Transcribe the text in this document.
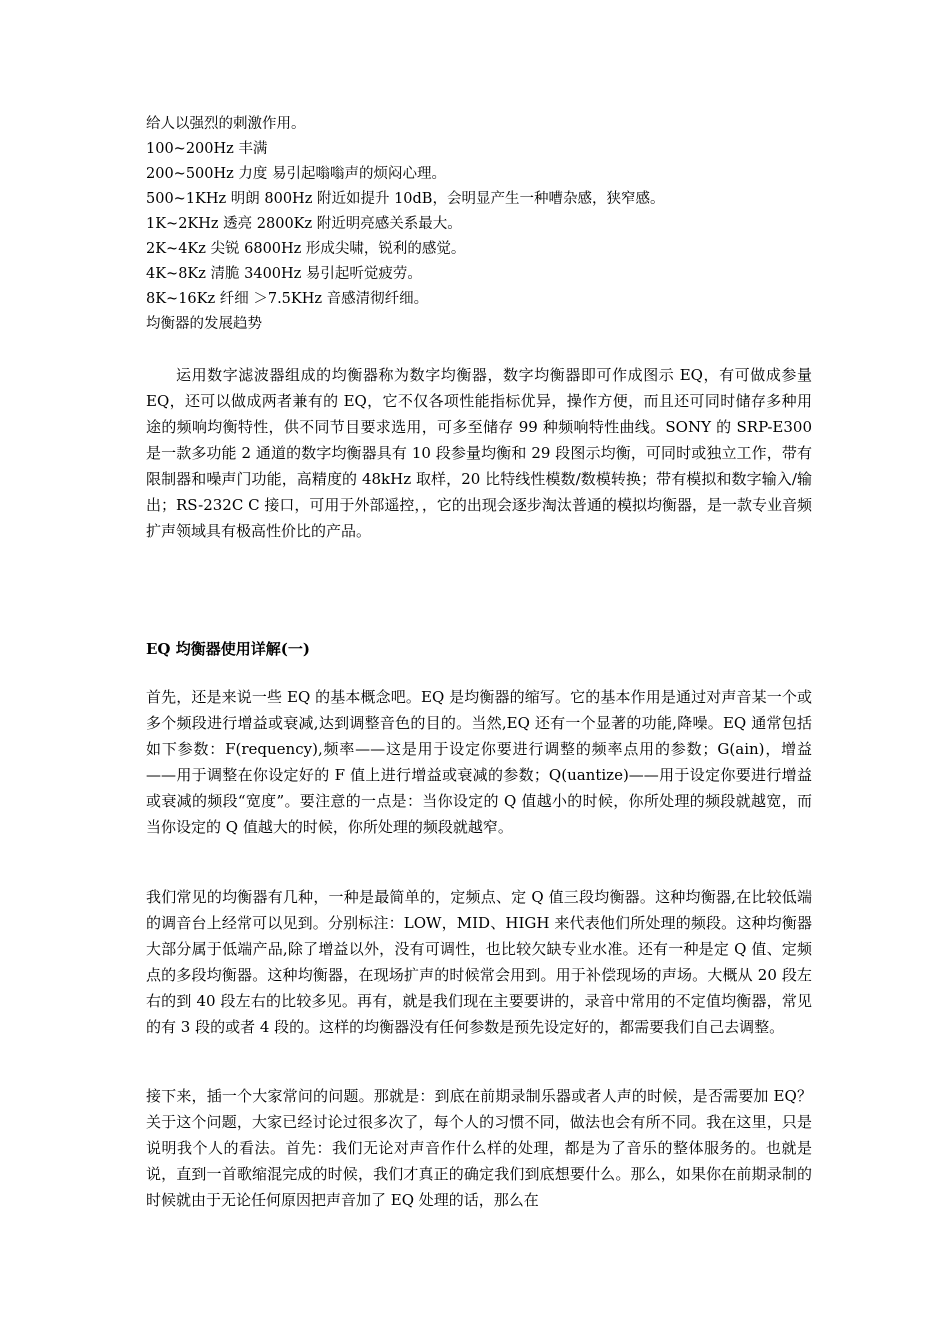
给人以强烈的刺激作用。
100~200Hz 丰满
200~500Hz 力度 易引起嗡嗡声的烦闷心理。
500~1KHz 明朗 800Hz 附近如提升 10dB，会明显产生一种嘈杂感，狭窄感。
1K~2KHz 透亮 2800Kz 附近明亮感关系最大。
2K~4Kz 尖锐 6800Hz 形成尖啸，锐利的感觉。
4K~8Kz 清脆 3400Hz 易引起听觉疲劳。
8K~16Kz 纤细 ＞7.5KHz 音感清彻纤细。
均衡器的发展趋势

运用数字滤波器组成的均衡器称为数字均衡器，数字均衡器即可作成图示 EQ，有可做成参量 EQ，还可以做成两者兼有的 EQ，它不仅各项性能指标优异，操作方便，而且还可同时储存多种用途的频响均衡特性，供不同节目要求选用，可多至储存 99 种频响特性曲线。SONY 的 SRP-E300 是一款多功能 2 通道的数字均衡器具有 10 段参量均衡和 29 段图示均衡，可同时或独立工作，带有限制器和噪声门功能，高精度的 48kHz 取样，20 比特线性模数/数模转换；带有模拟和数字输入/输出；RS-232C C 接口，可用于外部遥控，，它的出现会逐步淘汰普通的模拟均衡器，是一款专业音频扩声领域具有极高性价比的产品。

EQ 均衡器使用详解(一)

首先，还是来说一些 EQ 的基本概念吧。EQ 是均衡器的缩写。它的基本作用是通过对声音某一个或多个频段进行增益或衰减,达到调整音色的目的。当然,EQ 还有一个显著的功能,降噪。EQ 通常包括如下参数：F(requency),频率——这是用于设定你要进行调整的频率点用的参数；G(ain)，增益——用于调整在你设定好的 F 值上进行增益或衰减的参数；Q(uantize)——用于设定你要进行增益或衰减的频段“宽度”。要注意的一点是：当你设定的 Q 值越小的时候，你所处理的频段就越宽，而当你设定的 Q 值越大的时候，你所处理的频段就越窄。

我们常见的均衡器有几种，一种是最简单的，定频点、定 Q 值三段均衡器。这种均衡器,在比较低端的调音台上经常可以见到。分别标注：LOW，MID、HIGH 来代表他们所处理的频段。这种均衡器大部分属于低端产品,除了增益以外，没有可调性，也比较欠缺专业水准。还有一种是定 Q 值、定频点的多段均衡器。这种均衡器，在现场扩声的时候常会用到。用于补偿现场的声场。大概从 20 段左右的到 40 段左右的比较多见。再有，就是我们现在主要要讲的，录音中常用的不定值均衡器，常见的有 3 段的或者 4 段的。这样的均衡器没有任何参数是预先设定好的，都需要我们自己去调整。

接下来，插一个大家常问的问题。那就是：到底在前期录制乐器或者人声的时候，是否需要加 EQ？关于这个问题，大家已经讨论过很多次了，每个人的习惯不同，做法也会有所不同。我在这里，只是说明我个人的看法。首先：我们无论对声音作什么样的处理，都是为了音乐的整体服务的。也就是说，直到一首歌缩混完成的时候，我们才真正的确定我们到底想要什么。那么，如果你在前期录制的时候就由于无论任何原因把声音加了 EQ 处理的话，那么在
